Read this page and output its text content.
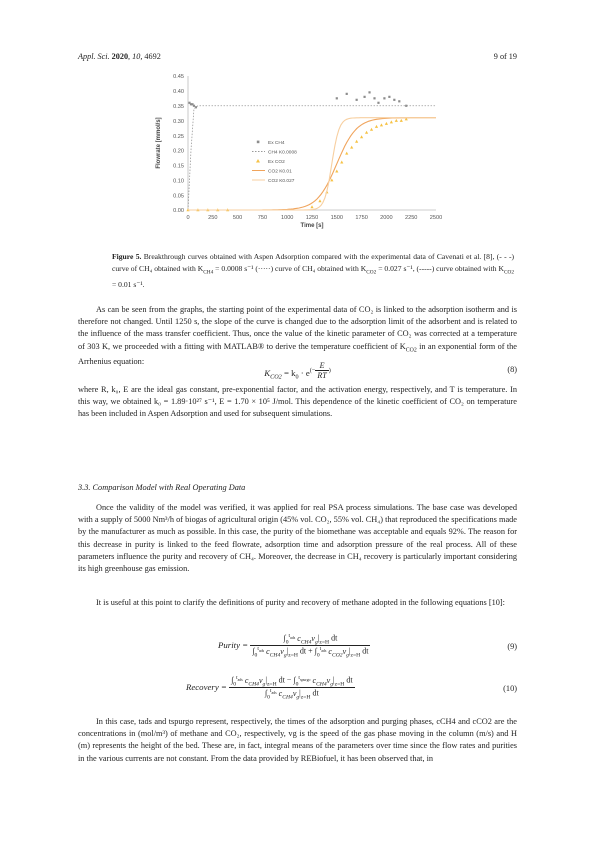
Appl. Sci. 2020, 10, 4692	9 of 19
0.00
0.05
0.10
0.15
0.20
0.25
0.30
0.35
0.40
0.45
0	250	500	750 1000 1250 1500 1750 2000 2250 2500
Time [s]
Flowrate [mmol/s]	Ex CH4
CH4 K0.0008
Ex CO2
CO2 K0.01
CO2 K0.027
Figure 5. Breakthrough curves obtained with Aspen Adsorption compared with the experimental data of Cavenati et al. [8], (- - -) curve of CH₄ obtained with $K_{CH4} = 0.0008$ s⁻¹ (·····) curve of CH₄ obtained with $K_{CO2} = 0.027$ s⁻¹, (-----) curve obtained with $K_{CO2} = 0.01$ s⁻¹.

As can be seen from the graphs, the starting point of the experimental data of CO₂ is linked to the adsorption isotherm and is therefore not changed. Until 1250 s, the slope of the curve is changed due to the adsorption limit of the adsorbent and is related to the influence of the mass transfer coefficient. Thus, once the value of the kinetic parameter of CO₂ was corrected at a temperature of 303 K, we proceeded with a fitting with MATLAB® to derive the temperature coefficient of $K_{CO2}$ in an exponential form of the Arrhenius equation:

$K_{CO2} = k_0 \cdot e^{(- \frac{E}{RT} )}$	(8)

where R, k₀, E are the ideal gas constant, pre-exponential factor, and the activation energy, respectively, and T is temperature. In this way, we obtained k₀ = 1.89·10²⁷ s⁻¹, E = 1.70 × 10⁵ J/mol. This dependence of the kinetic coefficient of CO₂ on temperature has been included in Aspen Adsorption and used for subsequent simulations.

3.3. Comparison Model with Real Operating Data

Once the validity of the model was verified, it was applied for real PSA process simulations. The base case was developed with a supply of 5000 Nm³/h of biogas of agricultural origin (45% vol. CO₂, 55% vol. CH₄) that reproduced the specifications made by the manufacturer as much as possible. In this case, the purity of the biomethane was acceptable and equals 92%. The reason for this decrease in purity is linked to the feed flowrate, adsorption time and adsorption pressure of the real process. All of these parameters influence the purity and recovery of CH₄. Moreover, the decrease in CH₄ recovery is particularly important considering its high greenhouse gas emission.

It is useful at this point to clarify the definitions of purity and recovery of methane adopted in the following equations [10]:

Purity = $\frac{\int_0^{t_{ads}} c_{CH4}v_g|_{z=H} dt}{\int_0^{t_{ads}} c_{CH4}v_g|_{z=H} dt + \int_0^{t_{ads}} c_{CO2}v_g|_{z=H} dt}$	(9)
Recovery = $\frac{\int_0^{t_{ads}} c_{CH4}v_g|_{z=H} dt - \int_0^{t_{spurgo}} c_{CH4}v_g|_{z=H} dt}{\int_0^{t_{ads}} c_{CH4}v_g|_{z=H} dt}$	(10)

In this case, tads and tspurgo represent, respectively, the times of the adsorption and purging phases, cCH4 and cCO2 are the concentrations in (mol/m³) of methane and CO₂, respectively, vg is the speed of the gas phase moving in the column (m/s) and H (m) represents the height of the bed. These are, in fact, integral means of the parameters over time since the flow rates and purities in the various currents are not constant. From the data provided by REBiofuel, it has been observed that, in
